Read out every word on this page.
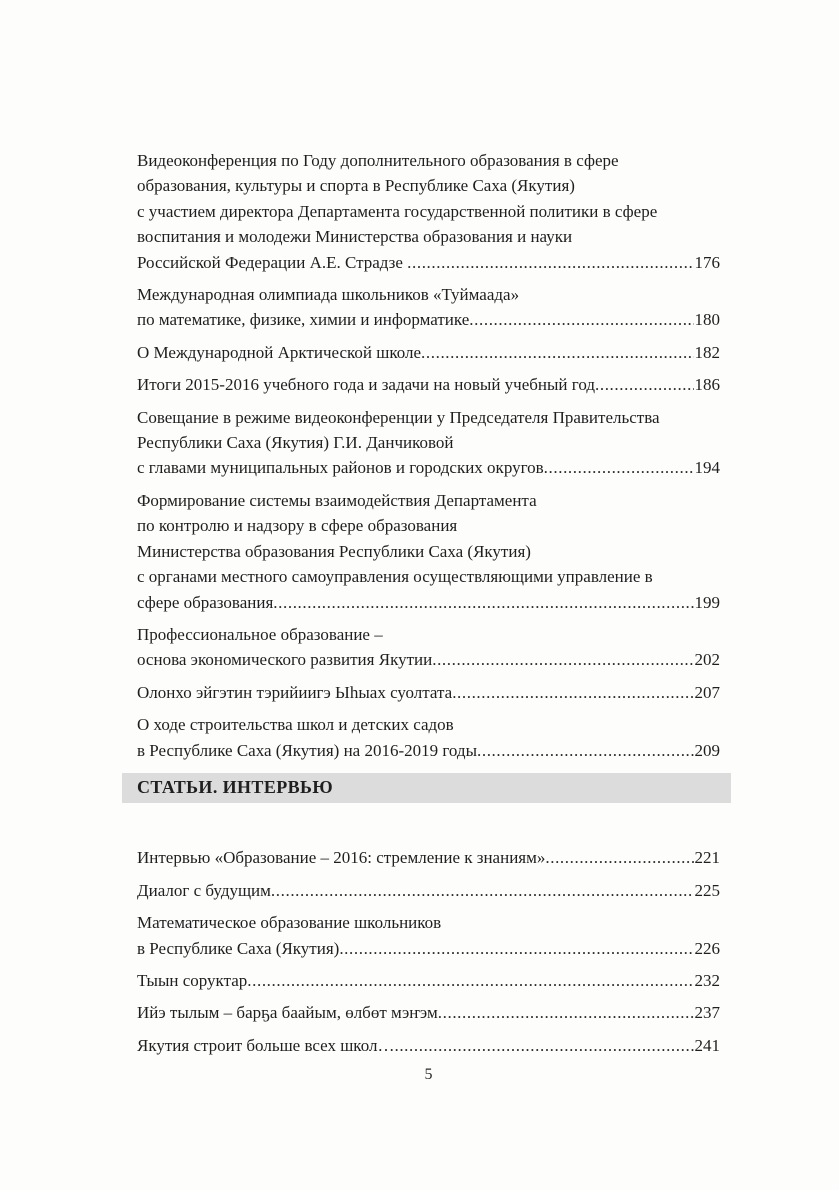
Видеоконференция по Году дополнительного образования в сфере
образования, культуры и спорта в Республике Саха (Якутия)
с участием директора Департамента государственной политики в сфере
воспитания и молодежи Министерства образования и науки
Российской Федерации А.Е. Страдзе .....	176
Международная олимпиада школьников «Туймаада»
по математике, физике, химии и информатике .....	180
О Международной Арктической школе .....	182
Итоги 2015-2016 учебного года и задачи на новый учебный год .....	186
Совещание в режиме видеоконференции у Председателя Правительства
Республики Саха (Якутия) Г.И. Данчиковой
с главами муниципальных районов и городских округов .....	194
Формирование системы взаимодействия Департамента
по контролю и надзору в сфере образования
Министерства образования Республики Саха (Якутия)
с органами местного самоуправления осуществляющими управление в
сфере образования .....	199
Профессиональное образование –
основа экономического развития Якутии .....	202
Олонхо эйгэтин тэрийиигэ Ыһыах суолтата .....	207
О ходе строительства школ и детских садов
в Республике Саха (Якутия) на 2016-2019 годы .....	209
СТАТЬИ. ИНТЕРВЬЮ
Интервью «Образование – 2016: стремление к знаниям» .....	221
Диалог с будущим .....	225
Математическое образование школьников
в Республике Саха (Якутия) .....	226
Тыын соруктар .....	232
Ийэ тылым – барҕа баайым, өлбөт мэҥэм .....	237
Якутия строит больше всех школ… .....	241
5
